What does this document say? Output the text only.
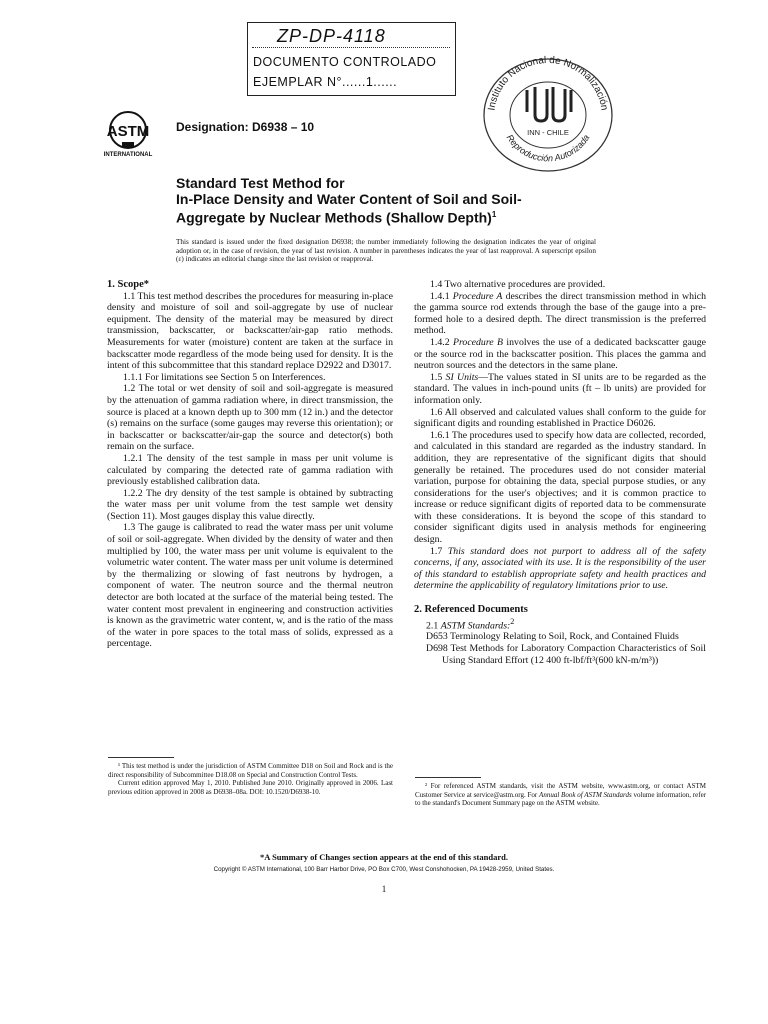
ZP-DP-4118
DOCUMENTO CONTROLADO
EJEMPLAR N°......1......
Instituto Nacional de Normalización
Reproducción Autorizada
INN - CHILE
ASTM
INTERNATIONAL
Designation: D6938 – 10
Standard Test Method for
In-Place Density and Water Content of Soil and Soil-
Aggregate by Nuclear Methods (Shallow Depth)$^1$
This standard is issued under the fixed designation D6938; the number immediately following the designation indicates the year of original adoption or, in the case of revision, the year of last revision. A number in parentheses indicates the year of last reapproval. A superscript epsilon (ε) indicates an editorial change since the last revision or reapproval.
1. Scope*

1.1 This test method describes the procedures for measuring in-place density and moisture of soil and soil-aggregate by use of nuclear equipment. The density of the material may be measured by direct transmission, backscatter, or backscatter/air-gap ratio methods. Measurements for water (moisture) content are taken at the surface in backscatter mode regardless of the mode being used for density. It is the intent of this subcommittee that this standard replace D2922 and D3017.

1.1.1 For limitations see Section 5 on Interferences.

1.2 The total or wet density of soil and soil-aggregate is measured by the attenuation of gamma radiation where, in direct transmission, the source is placed at a known depth up to 300 mm (12 in.) and the detector (s) remains on the surface (some gauges may reverse this orientation); or in backscatter or backscatter/air-gap the source and detector(s) both remain on the surface.

1.2.1 The density of the test sample in mass per unit volume is calculated by comparing the detected rate of gamma radiation with previously established calibration data.

1.2.2 The dry density of the test sample is obtained by subtracting the water mass per unit volume from the test sample wet density (Section 11). Most gauges display this value directly.

1.3 The gauge is calibrated to read the water mass per unit volume of soil or soil-aggregate. When divided by the density of water and then multiplied by 100, the water mass per unit volume is equivalent to the volumetric water content. The water mass per unit volume is determined by the thermalizing or slowing of fast neutrons by hydrogen, a component of water. The neutron source and the thermal neutron detector are both located at the surface of the material being tested. The water content most prevalent in engineering and construction activities is known as the gravimetric water content, w, and is the ratio of the mass of the water in pore spaces to the total mass of solids, expressed as a percentage.

1.4 Two alternative procedures are provided.

1.4.1 Procedure A describes the direct transmission method in which the gamma source rod extends through the base of the gauge into a pre-formed hole to a desired depth. The direct transmission is the preferred method.

1.4.2 Procedure B involves the use of a dedicated backscatter gauge or the source rod in the backscatter position. This places the gamma and neutron sources and the detectors in the same plane.

1.5 SI Units—The values stated in SI units are to be regarded as the standard. The values in inch-pound units (ft – lb units) are provided for information only.

1.6 All observed and calculated values shall conform to the guide for significant digits and rounding established in Practice D6026.

1.6.1 The procedures used to specify how data are collected, recorded, and calculated in this standard are regarded as the industry standard. In addition, they are representative of the significant digits that should generally be retained. The procedures used do not consider material variation, purpose for obtaining the data, special purpose studies, or any considerations for the user's objectives; and it is common practice to increase or reduce significant digits of reported data to be commensurate with these considerations. It is beyond the scope of this standard to consider significant digits used in analysis methods for engineering design.

1.7 This standard does not purport to address all of the safety concerns, if any, associated with its use. It is the responsibility of the user of this standard to establish appropriate safety and health practices and determine the applicability of regulatory limitations prior to use.

2. Referenced Documents

2.1 ASTM Standards:$^2$

D653 Terminology Relating to Soil, Rock, and Contained Fluids

D698 Test Methods for Laboratory Compaction Characteristics of Soil Using Standard Effort (12 400 ft-lbf/ft³(600 kN-m/m³))

¹ This test method is under the jurisdiction of ASTM Committee D18 on Soil and Rock and is the direct responsibility of Subcommittee D18.08 on Special and Construction Control Tests.

Current edition approved May 1, 2010. Published June 2010. Originally approved in 2006. Last previous edition approved in 2008 as D6938–08a. DOI: 10.1520/D6938-10.

² For referenced ASTM standards, visit the ASTM website, www.astm.org, or contact ASTM Customer Service at service@astm.org. For Annual Book of ASTM Standards volume information, refer to the standard's Document Summary page on the ASTM website.

*A Summary of Changes section appears at the end of this standard.
Copyright © ASTM International, 100 Barr Harbor Drive, PO Box C700, West Conshohocken, PA 19428-2959, United States.
1
